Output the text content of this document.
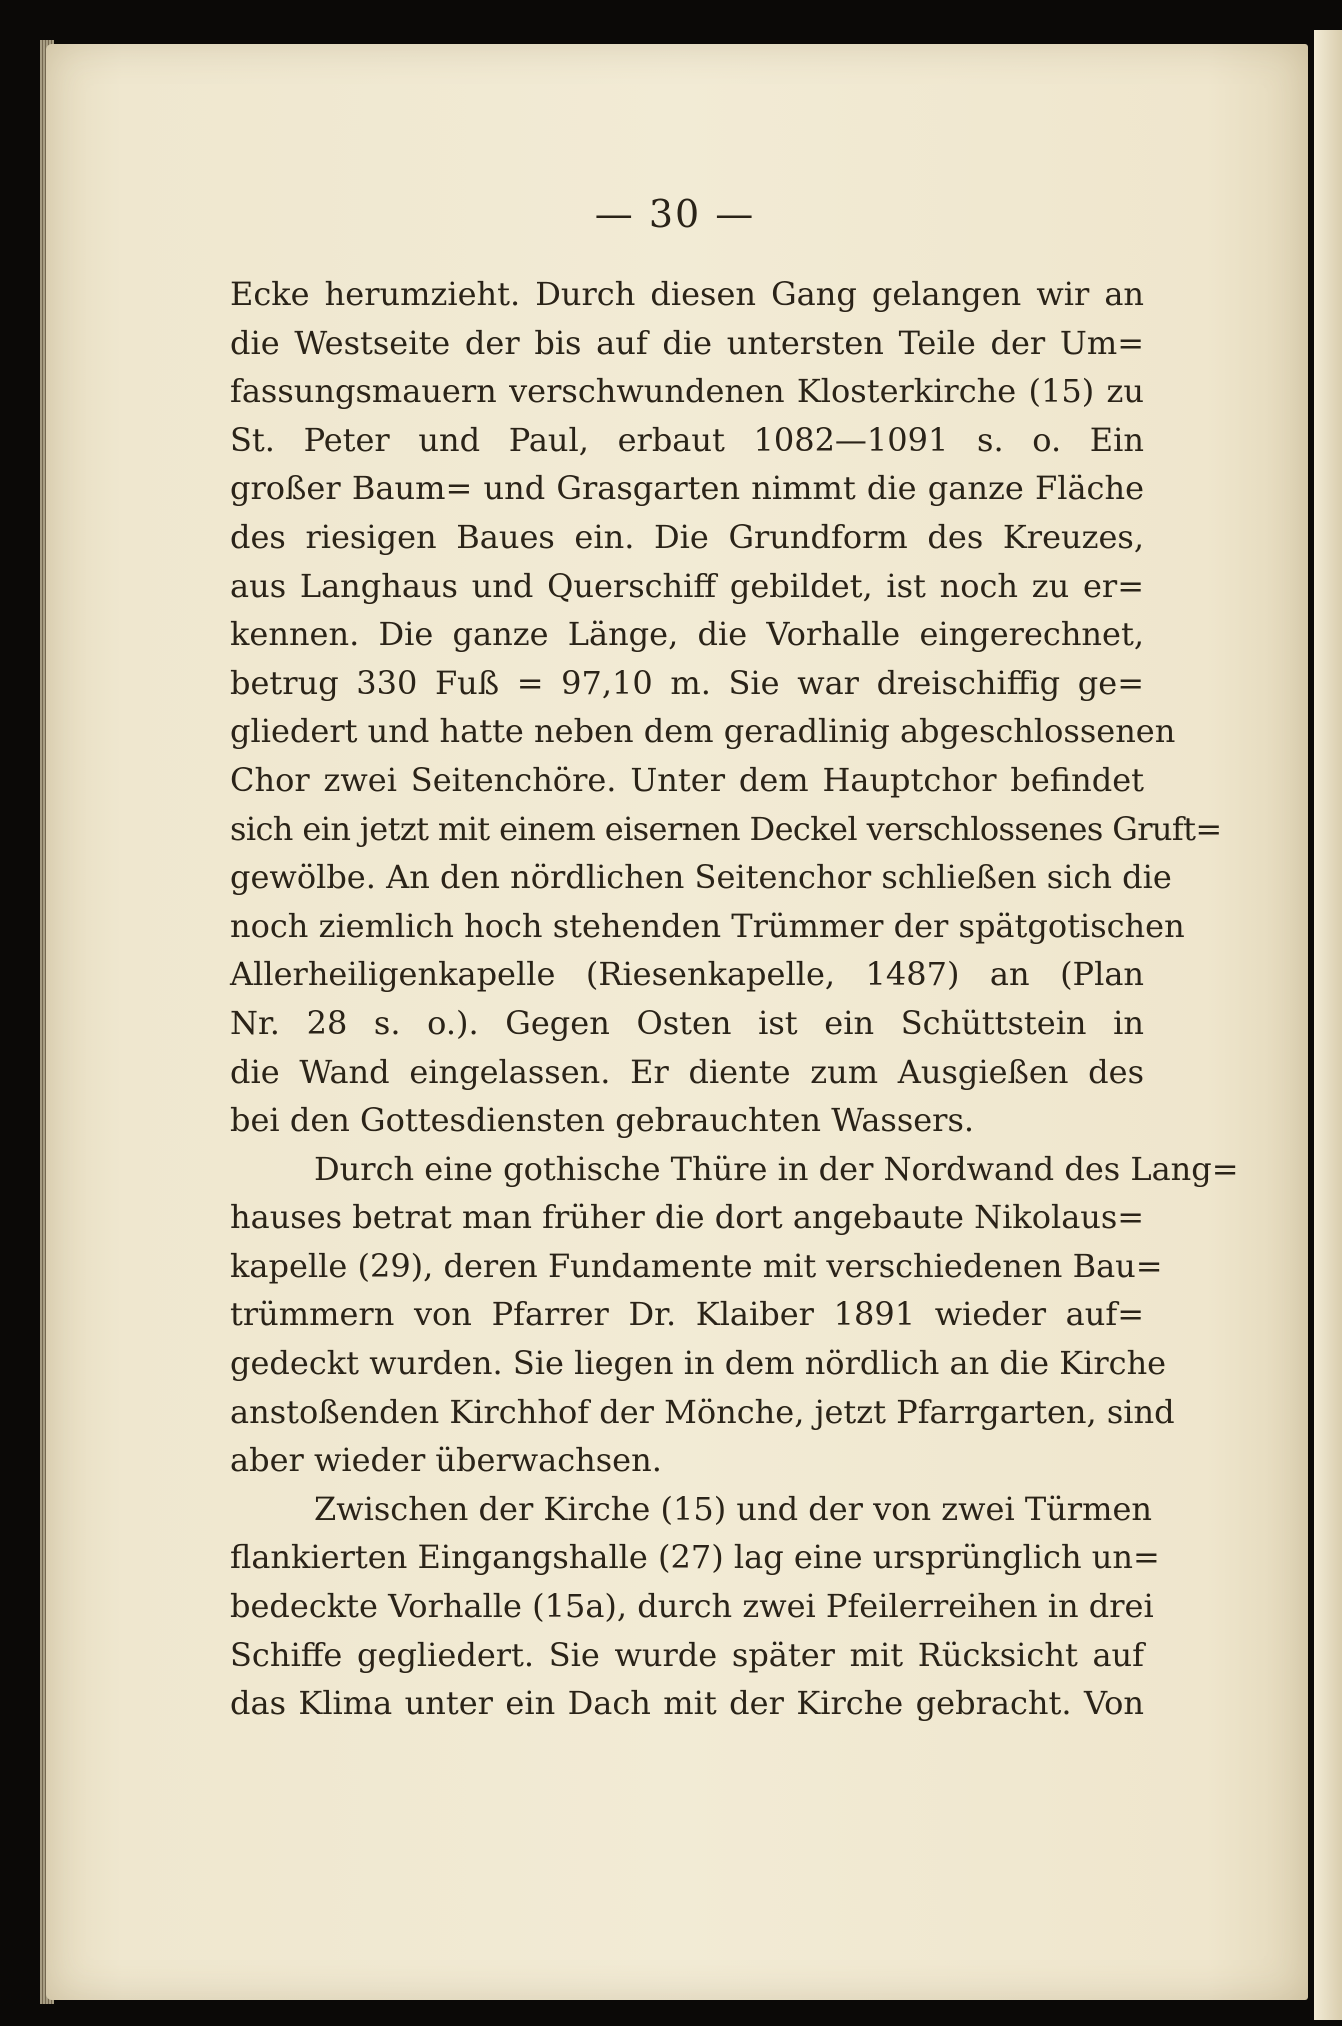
— 30 —
Ecke herumzieht. Durch diesen Gang gelangen wir an
die Westseite der bis auf die untersten Teile der Um=
fassungsmauern verschwundenen Klosterkirche (15) zu
St. Peter und Paul, erbaut 1082—1091 s. o. Ein
großer Baum= und Grasgarten nimmt die ganze Fläche
des riesigen Baues ein. Die Grundform des Kreuzes,
aus Langhaus und Querschiff gebildet, ist noch zu er=
kennen. Die ganze Länge, die Vorhalle eingerechnet,
betrug 330 Fuß = 97,10 m. Sie war dreischiffig ge=
gliedert und hatte neben dem geradlinig abgeschlossenen
Chor zwei Seitenchöre. Unter dem Hauptchor befindet
sich ein jetzt mit einem eisernen Deckel verschlossenes Gruft=
gewölbe. An den nördlichen Seitenchor schließen sich die
noch ziemlich hoch stehenden Trümmer der spätgotischen
Allerheiligenkapelle (Riesenkapelle, 1487) an (Plan
Nr. 28 s. o.). Gegen Osten ist ein Schüttstein in
die Wand eingelassen. Er diente zum Ausgießen des
bei den Gottesdiensten gebrauchten Wassers.
Durch eine gothische Thüre in der Nordwand des Lang=
hauses betrat man früher die dort angebaute Nikolaus=
kapelle (29), deren Fundamente mit verschiedenen Bau=
trümmern von Pfarrer Dr. Klaiber 1891 wieder auf=
gedeckt wurden. Sie liegen in dem nördlich an die Kirche
anstoßenden Kirchhof der Mönche, jetzt Pfarrgarten, sind
aber wieder überwachsen.
Zwischen der Kirche (15) und der von zwei Türmen
flankierten Eingangshalle (27) lag eine ursprünglich un=
bedeckte Vorhalle (15a), durch zwei Pfeilerreihen in drei
Schiffe gegliedert. Sie wurde später mit Rücksicht auf
das Klima unter ein Dach mit der Kirche gebracht. Von
